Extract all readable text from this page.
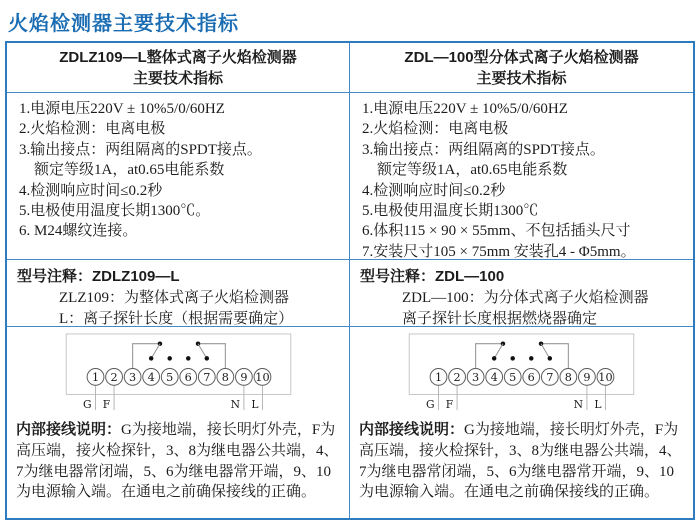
火焰检测器主要技术指标
ZDLZ109—L整体式离子火焰检测器
主要技术指标
ZDL—100型分体式离子火焰检测器
主要技术指标
1.电源电压220V ± 10%5/0/60HZ
2.火焰检测：电离电极
3.输出接点：两组隔离的SPDT接点。
　额定等级1A，at0.65电能系数
4.检测响应时间≤0.2秒
5.电极使用温度长期1300℃。
6. M24螺纹连接。
1.电源电压220V ± 10%5/0/60HZ
2.火焰检测：电离电极
3.输出接点：两组隔离的SPDT接点。
　额定等级1A，at0.65电能系数
4.检测响应时间≤0.2秒
5.电极使用温度长期1300℃
6.体积115 × 90 × 55mm、不包括插头尺寸
7.安装尺寸105 × 75mm 安装孔4 - Φ5mm。
型号注释：ZDLZ109—L
ZLZ109：为整体式离子火焰检测器
L：离子探针长度（根据需要确定）
型号注释：ZDL—100
ZDL—100：为分体式离子火焰检测器
离子探针长度根据燃烧器确定
1 2 3 4 5 6 7 8 9 10
G F	N L

内部接线说明：G为接地端，接长明灯外壳，F为高压端，接火检探针，3、8为继电器公共端，4、7为继电器常闭端，5、6为继电器常开端，9、10为电源输入端。在通电之前确保接线的正确。

1 2 3 4 5 6 7 8 9 10
G F	N L

内部接线说明：G为接地端，接长明灯外壳，F为高压端，接火检探针，3、8为继电器公共端，4、7为继电器常闭端，5、6为继电器常开端，9、10为电源输入端。在通电之前确保接线的正确。
